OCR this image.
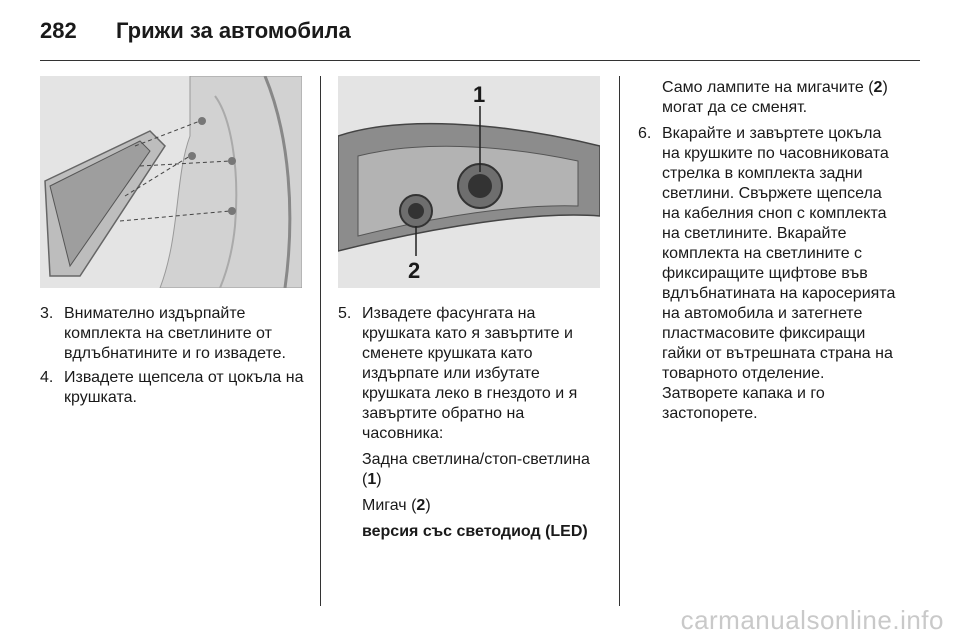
282 Грижи за автомобила
1
2
3. Внимателно издърпайте комплекта на светлините от вдлъбнатините и го извадете.
4. Извадете щепсела от цокъла на крушката.
5. Извадете фасунгата на крушката като я завъртите и сменете крушката като издърпате или избутате крушката леко в гнездото и я завъртите обратно на часовника:
Задна светлина/стоп-светлина (1)
Мигач (2)
версия със светодиод (LED)
Само лампите на мигачите (2) могат да се сменят.
6. Вкарайте и завъртете цокъла на крушките по часовниковата стрелка в комплекта задни светлини. Свържете щепсела на кабелния сноп с комплекта на светлините. Вкарайте комплекта на светлините с фиксиращите щифтове във вдлъбнатината на каросерията на автомобила и затегнете пластмасовите фиксиращи гайки от вътрешната страна на товарното отделение. Затворете капака и го застопорете.
carmanualsonline.info
